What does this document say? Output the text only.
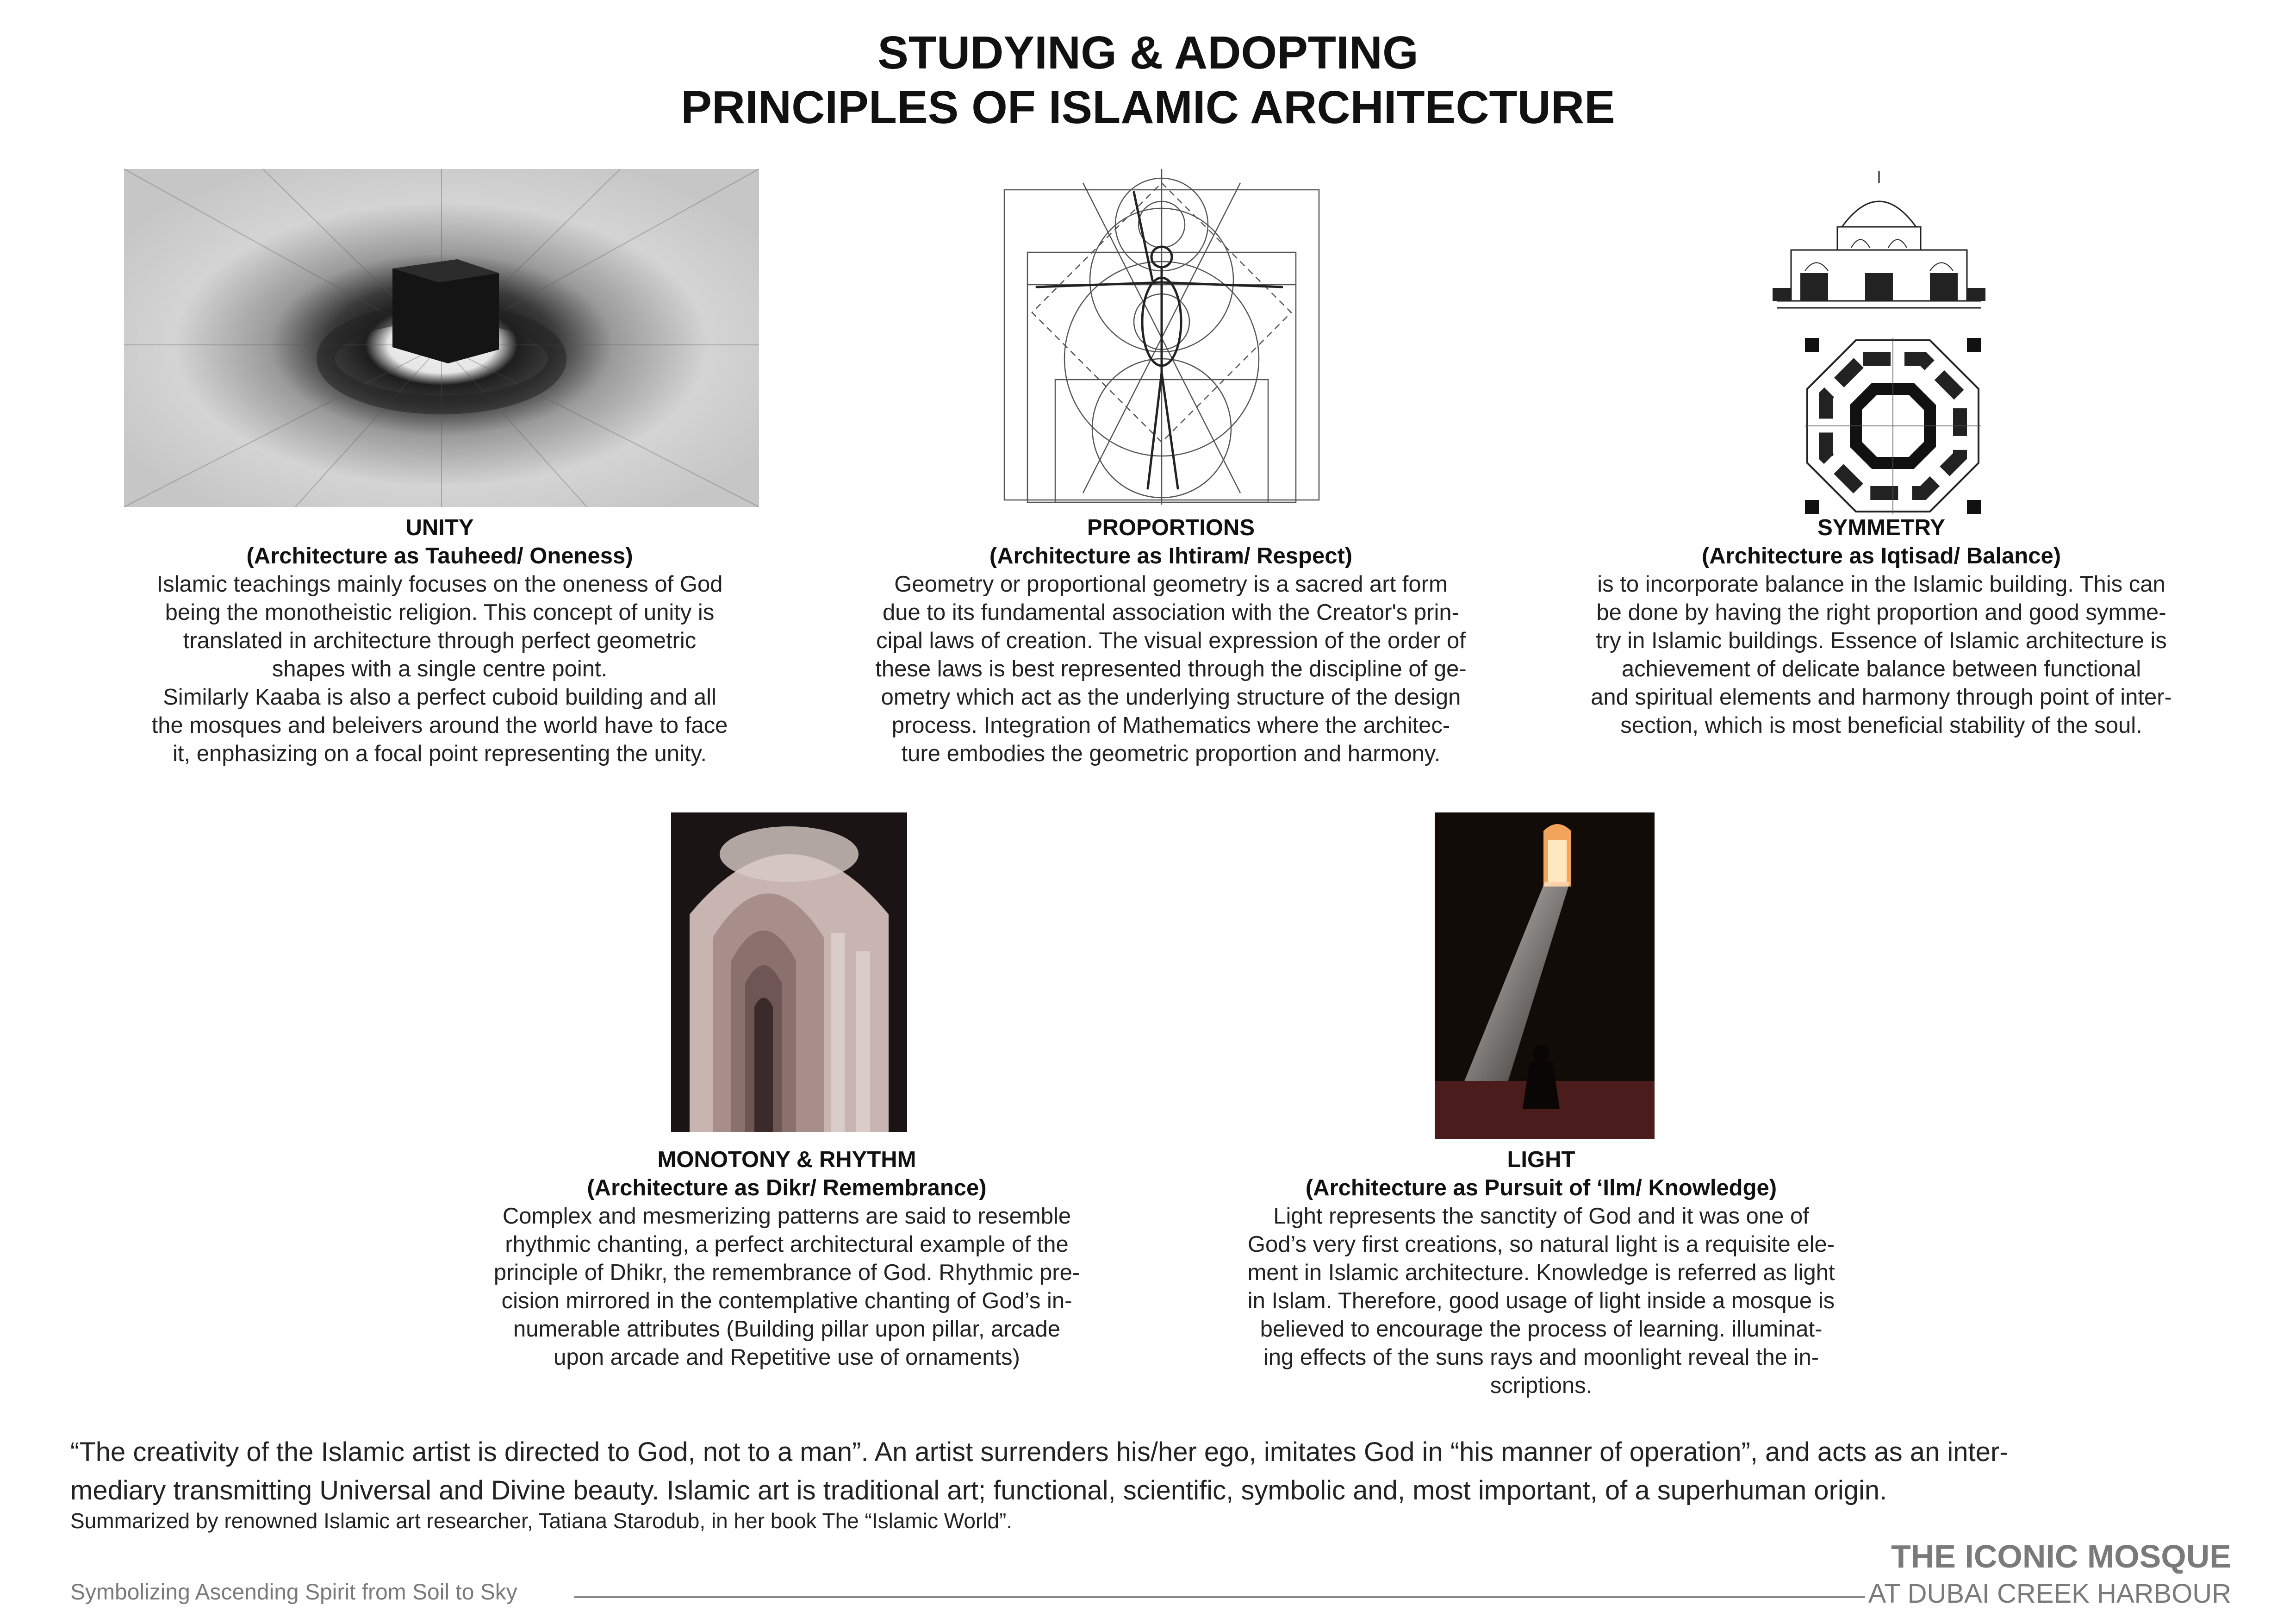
STUDYING & ADOPTING
PRINCIPLES OF ISLAMIC ARCHITECTURE
UNITY
(Architecture as Tauheed/ Oneness)
Islamic teachings mainly focuses on the oneness of God
being the monotheistic religion. This concept of unity is
translated in architecture through perfect geometric
shapes with a single centre point.
Similarly Kaaba is also a perfect cuboid building and all
the mosques and beleivers around the world have to face
it, enphasizing on a focal point representing the unity.
PROPORTIONS
(Architecture as Ihtiram/ Respect)
Geometry or proportional geometry is a sacred art form
due to its fundamental association with the Creator's prin-
cipal laws of creation. The visual expression of the order of
these laws is best represented through the discipline of ge-
ometry which act as the underlying structure of the design
process. Integration of Mathematics where the architec-
ture embodies the geometric proportion and harmony.
SYMMETRY
(Architecture as Iqtisad/ Balance)
is to incorporate balance in the Islamic building. This can
be done by having the right proportion and good symme-
try in Islamic buildings. Essence of Islamic architecture is
achievement of delicate balance between functional
and spiritual elements and harmony through point of inter-
section, which is most beneficial stability of the soul.
MONOTONY & RHYTHM
(Architecture as Dikr/ Remembrance)
Complex and mesmerizing patterns are said to resemble
rhythmic chanting, a perfect architectural example of the
principle of Dhikr, the remembrance of God. Rhythmic pre-
cision mirrored in the contemplative chanting of God’s in-
numerable attributes (Building pillar upon pillar, arcade
upon arcade and Repetitive use of ornaments)
LIGHT
(Architecture as Pursuit of ‘Ilm/ Knowledge)
Light represents the sanctity of God and it was one of
God’s very first creations, so natural light is a requisite ele-
ment in Islamic architecture. Knowledge is referred as light
in Islam. Therefore, good usage of light inside a mosque is
believed to encourage the process of learning. illuminat-
ing effects of the suns rays and moonlight reveal the in-
scriptions.
“The creativity of the Islamic artist is directed to God, not to a man”. An artist surrenders his/her ego, imitates God in “his manner of operation”, and acts as an inter-
mediary transmitting Universal and Divine beauty. Islamic art is traditional art; functional, scientific, symbolic and, most important, of a superhuman origin.
Summarized by renowned Islamic art researcher, Tatiana Starodub, in her book The “Islamic World”.
Symbolizing Ascending Spirit from Soil to Sky
THE ICONIC MOSQUE
AT DUBAI CREEK HARBOUR
